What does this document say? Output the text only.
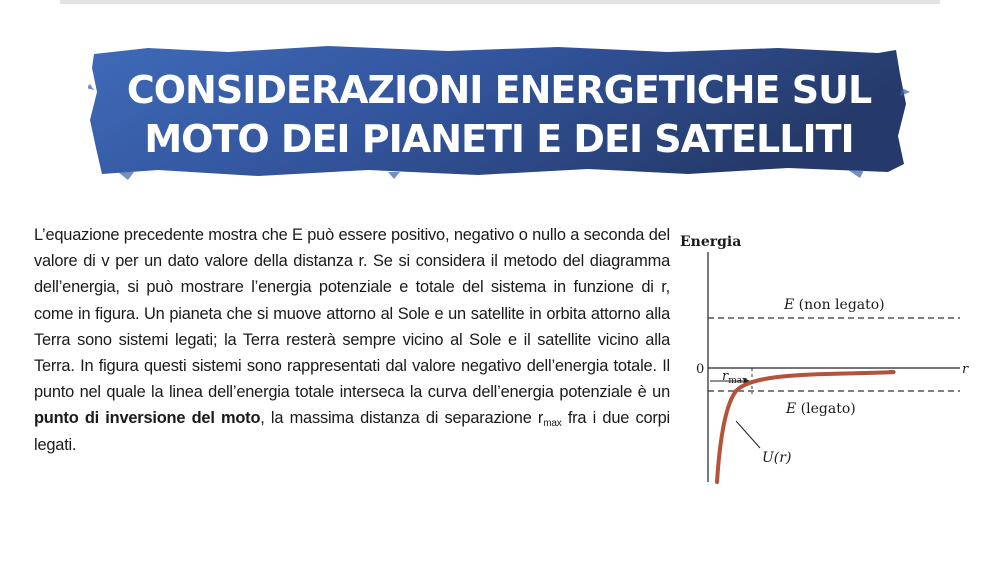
CONSIDERAZIONI ENERGETICHE SUL
MOTO DEI PIANETI E DEI SATELLITI
L’equazione precedente mostra che E può essere positivo, negativo o nullo a seconda del valore di v per un dato valore della distanza r. Se si considera il metodo del diagramma dell’energia, si può mostrare l’energia potenziale e totale del sistema in funzione di r, come in figura. Un pianeta che si muove attorno al Sole e un satellite in orbita attorno alla Terra sono sistemi legati; la Terra resterà sempre vicino al Sole e il satellite vicino alla Terra. In figura questi sistemi sono rappresentati dal valore negativo dell’energia totale. Il punto nel quale la linea dell’energia totale interseca la curva dell’energia potenziale è un punto di inversione del moto, la massima distanza di separazione $r_{max}$ fra i due corpi legati.
Energia
0	r
E (non legato)
E (legato)
$r_{max}$
U(r)
